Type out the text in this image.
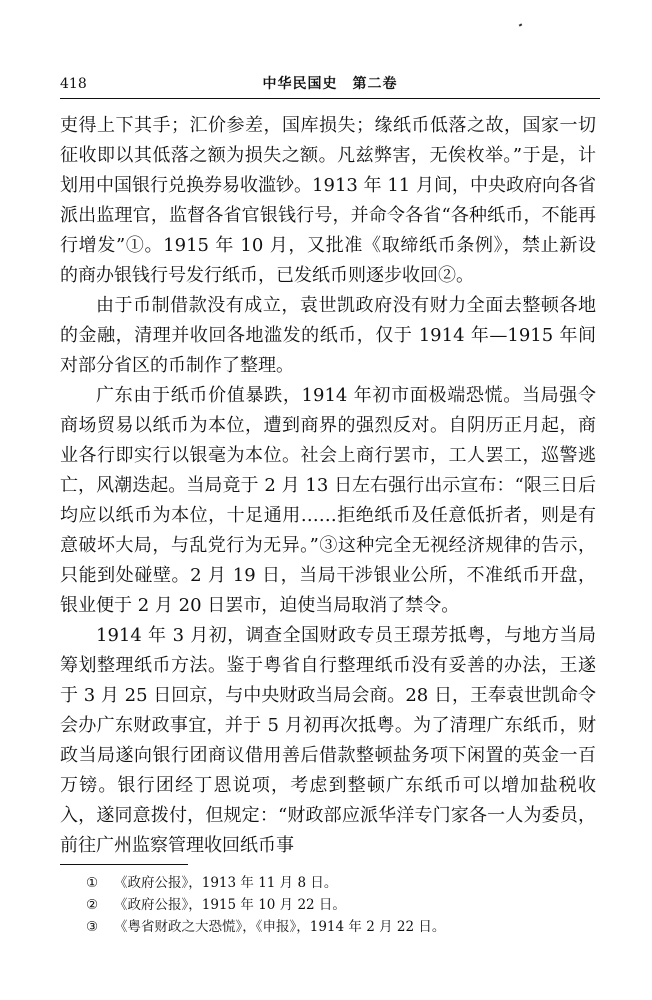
418	中华民国史　第二卷

吏得上下其手；汇价参差，国库损失；缘纸币低落之故，国家一切征收即以其低落之额为损失之额。凡兹弊害，无俟枚举。”于是，计划用中国银行兑换券易收滥钞。1913 年 11 月间，中央政府向各省派出监理官，监督各省官银钱行号，并命令各省“各种纸币，不能再行增发”①。1915 年 10 月，又批准《取缔纸币条例》，禁止新设的商办银钱行号发行纸币，已发纸币则逐步收回②。

由于币制借款没有成立，袁世凯政府没有财力全面去整顿各地的金融，清理并收回各地滥发的纸币，仅于 1914 年—1915 年间对部分省区的币制作了整理。

广东由于纸币价值暴跌，1914 年初市面极端恐慌。当局强令商场贸易以纸币为本位，遭到商界的强烈反对。自阴历正月起，商业各行即实行以银毫为本位。社会上商行罢市，工人罢工，巡警逃亡，风潮迭起。当局竟于 2 月 13 日左右强行出示宣布：“限三日后均应以纸币为本位，十足通用……拒绝纸币及任意低折者，则是有意破坏大局，与乱党行为无异。”③这种完全无视经济规律的告示，只能到处碰壁。2 月 19 日，当局干涉银业公所，不准纸币开盘，银业便于 2 月 20 日罢市，迫使当局取消了禁令。

1914 年 3 月初，调查全国财政专员王璟芳抵粤，与地方当局筹划整理纸币方法。鉴于粤省自行整理纸币没有妥善的办法，王遂于 3 月 25 日回京，与中央财政当局会商。28 日，王奉袁世凯命令会办广东财政事宜，并于 5 月初再次抵粤。为了清理广东纸币，财政当局遂向银行团商议借用善后借款整顿盐务项下闲置的英金一百万镑。银行团经丁恩说项，考虑到整顿广东纸币可以增加盐税收入，遂同意拨付，但规定：“财政部应派华洋专门家各一人为委员，前往广州监察管理收回纸币事

①	《政府公报》，1913 年 11 月 8 日。
②	《政府公报》，1915 年 10 月 22 日。
③	《粤省财政之大恐慌》，《申报》，1914 年 2 月 22 日。
